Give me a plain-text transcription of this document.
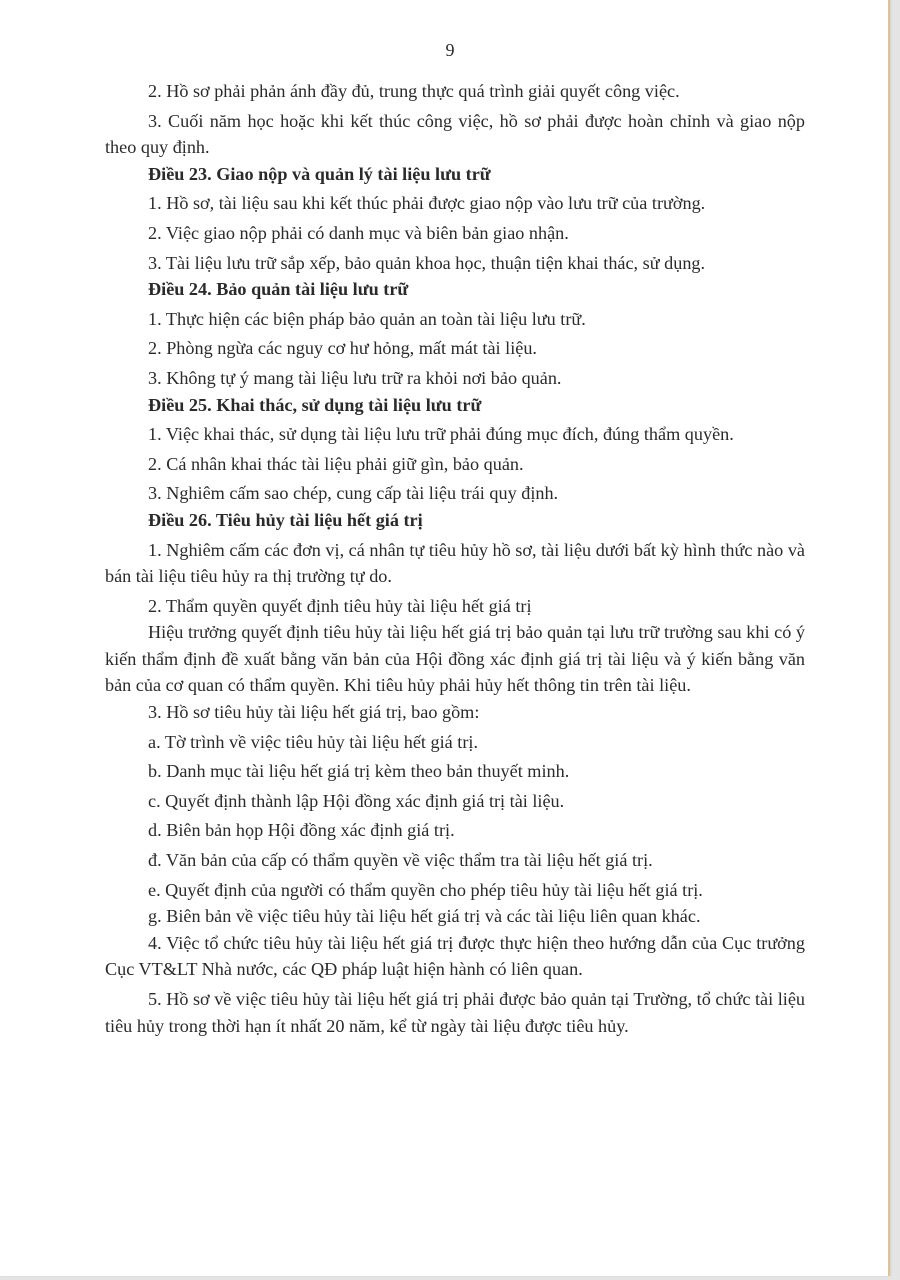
9

2. Hồ sơ phải phản ánh đầy đủ, trung thực quá trình giải quyết công việc.

3. Cuối năm học hoặc khi kết thúc công việc, hồ sơ phải được hoàn chỉnh và giao nộp theo quy định.

Điều 23. Giao nộp và quản lý tài liệu lưu trữ

1. Hồ sơ, tài liệu sau khi kết thúc phải được giao nộp vào lưu trữ của trường.

2. Việc giao nộp phải có danh mục và biên bản giao nhận.

3. Tài liệu lưu trữ sắp xếp, bảo quản khoa học, thuận tiện khai thác, sử dụng.

Điều 24. Bảo quản tài liệu lưu trữ

1. Thực hiện các biện pháp bảo quản an toàn tài liệu lưu trữ.

2. Phòng ngừa các nguy cơ hư hỏng, mất mát tài liệu.

3. Không tự ý mang tài liệu lưu trữ ra khỏi nơi bảo quản.

Điều 25. Khai thác, sử dụng tài liệu lưu trữ

1. Việc khai thác, sử dụng tài liệu lưu trữ phải đúng mục đích, đúng thẩm quyền.

2. Cá nhân khai thác tài liệu phải giữ gìn, bảo quản.

3. Nghiêm cấm sao chép, cung cấp tài liệu trái quy định.

Điều 26. Tiêu hủy tài liệu hết giá trị

1. Nghiêm cấm các đơn vị, cá nhân tự tiêu hủy hồ sơ, tài liệu dưới bất kỳ hình thức nào và bán tài liệu tiêu hủy ra thị trường tự do.

2. Thẩm quyền quyết định tiêu hủy tài liệu hết giá trị

Hiệu trưởng quyết định tiêu hủy tài liệu hết giá trị bảo quản tại lưu trữ trường sau khi có ý kiến thẩm định đề xuất bằng văn bản của Hội đồng xác định giá trị tài liệu và ý kiến bằng văn bản của cơ quan có thẩm quyền. Khi tiêu hủy phải hủy hết thông tin trên tài liệu.

3. Hồ sơ tiêu hủy tài liệu hết giá trị, bao gồm:

a. Tờ trình về việc tiêu hủy tài liệu hết giá trị.

b. Danh mục tài liệu hết giá trị kèm theo bản thuyết minh.

c. Quyết định thành lập Hội đồng xác định giá trị tài liệu.

d. Biên bản họp Hội đồng xác định giá trị.

đ. Văn bản của cấp có thẩm quyền về việc thẩm tra tài liệu hết giá trị.

e. Quyết định của người có thẩm quyền cho phép tiêu hủy tài liệu hết giá trị.

g. Biên bản về việc tiêu hủy tài liệu hết giá trị và các tài liệu liên quan khác.

4. Việc tổ chức tiêu hủy tài liệu hết giá trị được thực hiện theo hướng dẫn của Cục trưởng Cục VT&LT Nhà nước, các QĐ pháp luật hiện hành có liên quan.

5. Hồ sơ về việc tiêu hủy tài liệu hết giá trị phải được bảo quản tại Trường, tổ chức tài liệu tiêu hủy trong thời hạn ít nhất 20 năm, kể từ ngày tài liệu được tiêu hủy.
